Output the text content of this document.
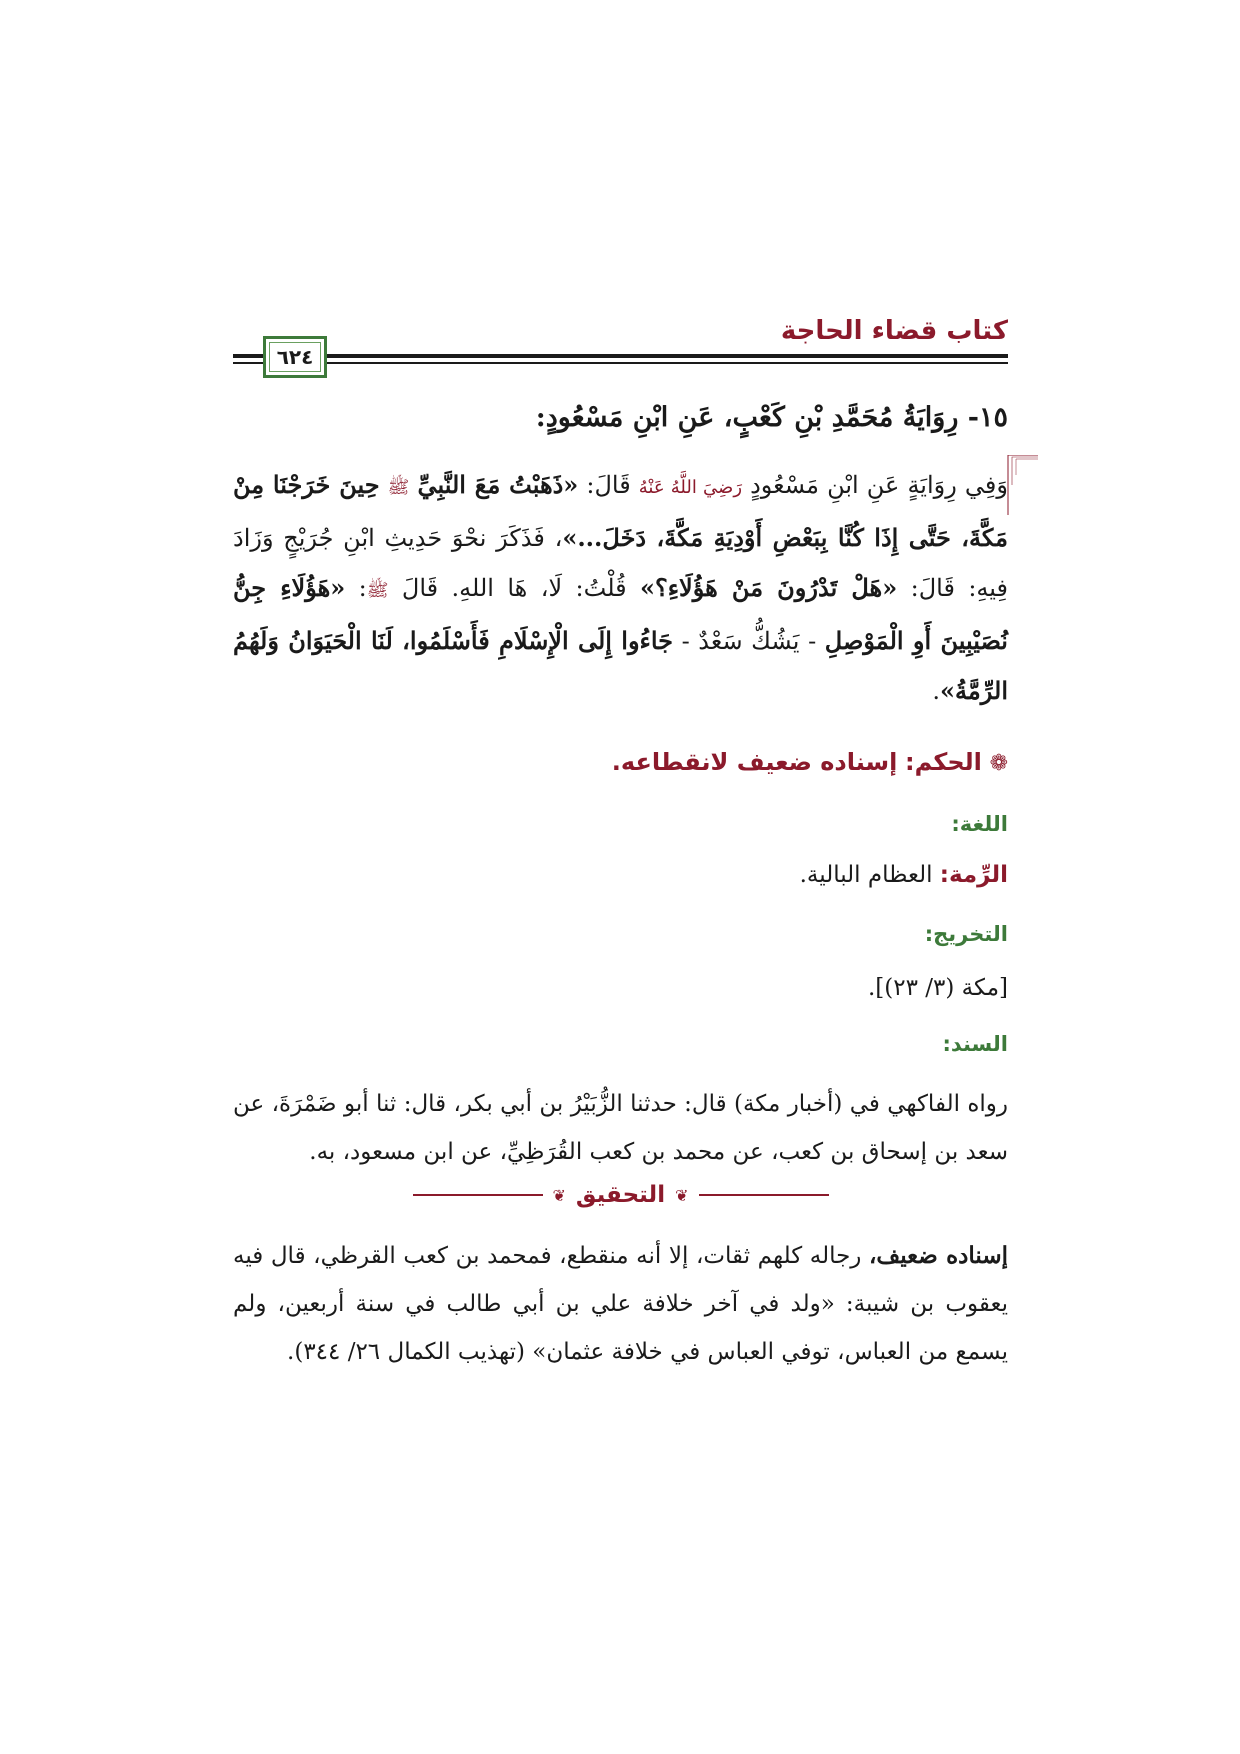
كتاب قضاء الحاجة
٦٢٤
١٥- رِوَايَةُ مُحَمَّدِ بْنِ كَعْبٍ، عَنِ ابْنِ مَسْعُودٍ:
وَفِي رِوَايَةٍ عَنِ ابْنِ مَسْعُودٍ رَضِيَ اللَّهُ عَنْهُ قَالَ: «ذَهَبْتُ مَعَ النَّبِيِّ ﷺ حِينَ خَرَجْنَا مِنْ مَكَّةَ، حَتَّى إِذَا كُنَّا بِبَعْضِ أَوْدِيَةِ مَكَّةَ، دَخَلَ...»، فَذَكَرَ نحْوَ حَدِيثِ ابْنِ جُرَيْجٍ وَزَادَ فِيهِ: قَالَ: «هَلْ تَدْرُونَ مَنْ هَؤُلَاءِ؟» قُلْتُ: لَا، هَا اللهِ. قَالَ ﷺ: «هَؤُلَاءِ جِنُّ نُصَيْبِينَ أَوِ الْمَوْصِلِ - يَشُكُّ سَعْدٌ - جَاءُوا إِلَى الْإِسْلَامِ فَأَسْلَمُوا، لَنَا الْحَيَوَانُ وَلَهُمُ الرِّمَّةُ».
❁ الحكم: إسناده ضعيف لانقطاعه.
اللغة:
الرِّمة: العظام البالية.
التخريج:
[مكة (٣/ ٢٣)].
السند:
رواه الفاكهي في (أخبار مكة) قال: حدثنا الزُّبَيْرُ بن أبي بكر، قال: ثنا أبو ضَمْرَةَ، عن سعد بن إسحاق بن كعب، عن محمد بن كعب القُرَظِيِّ، عن ابن مسعود، به.
❦
التحقيق
❦
إسناده ضعيف، رجاله كلهم ثقات، إلا أنه منقطع، فمحمد بن كعب القرظي، قال فيه يعقوب بن شيبة: «ولد في آخر خلافة علي بن أبي طالب في سنة أربعين، ولم يسمع من العباس، توفي العباس في خلافة عثمان» (تهذيب الكمال ٢٦/ ٣٤٤).
